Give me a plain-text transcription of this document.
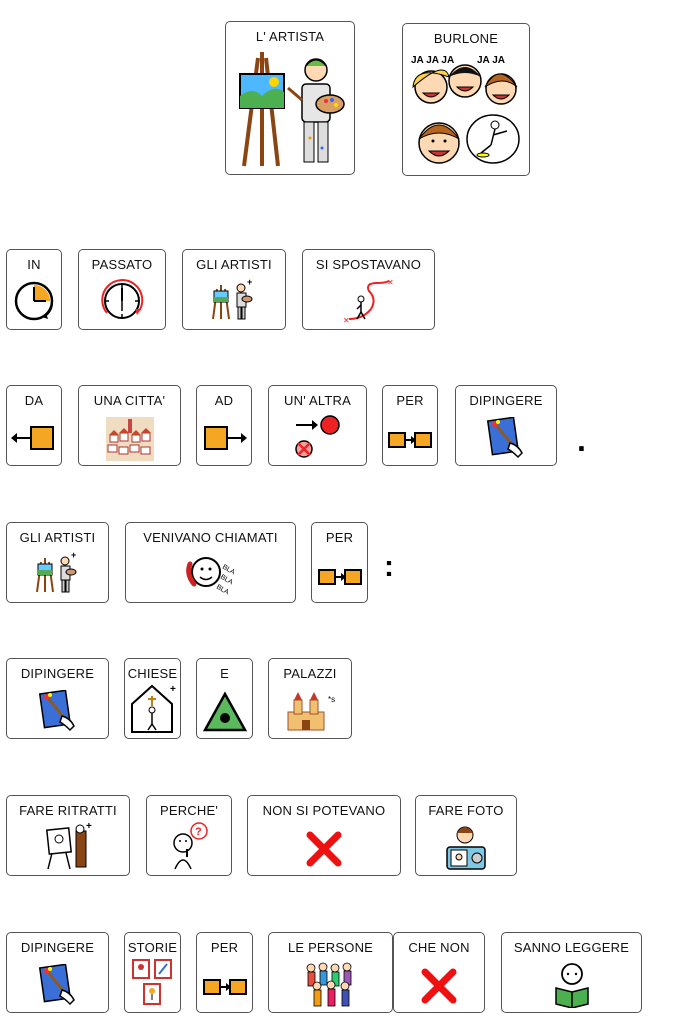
L' ARTISTA	BURLONE
JA JA JA JA JA
IN	PASSATO	GLI ARTISTI	SI SPOSTAVANO
✕
✕
DA	UNA CITTA'	AD	UN' ALTRA	PER	DIPINGERE
.
GLI ARTISTI	VENIVANO CHIAMATI
BLA
BLA
BLA
PER
:
DIPINGERE	CHIESE
+
E	PALAZZI
*s
FARE RITRATTI
+
PERCHE'
?
NON SI POTEVANO	FARE FOTO
DIPINGERE	STORIE	PER	LE PERSONE	CHE NON	SANNO LEGGERE
